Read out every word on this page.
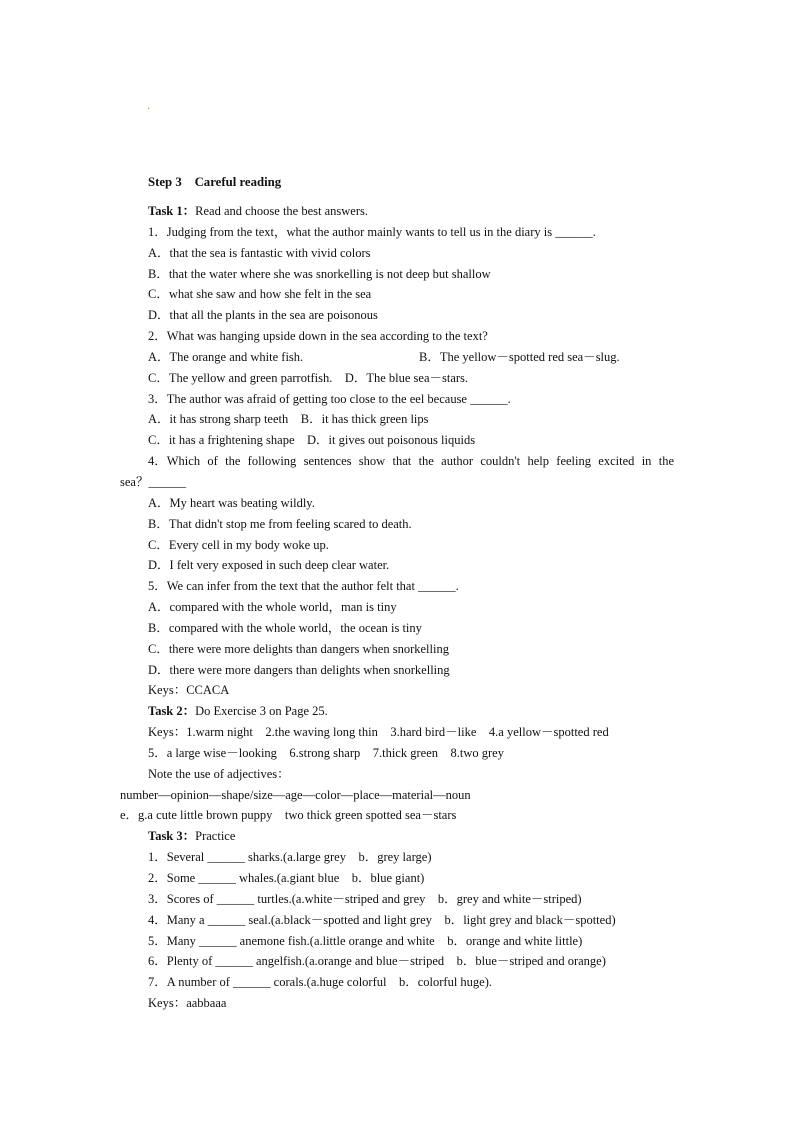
·
Step 3　Careful reading
Task 1：Read and choose the best answers.
1．Judging from the text，what the author mainly wants to tell us in the diary is ______.
A．that the sea is fantastic with vivid colors
B．that the water where she was snorkelling is not deep but shallow
C．what she saw and how she felt in the sea
D．that all the plants in the sea are poisonous
2．What was hanging upside down in the sea according to the text?
A．The orange and white fish.	B．The yellow－spotted red sea－slug.
C．The yellow and green parrotfish.　D．The blue sea－stars.
3．The author was afraid of getting too close to the eel because ______.
A．it has strong sharp teeth　B．it has thick green lips
C．it has a frightening shape　D．it gives out poisonous liquids
4．Which of the following sentences show that the author couldn't help feeling excited in the
sea？______
A．My heart was beating wildly.
B．That didn't stop me from feeling scared to death.
C．Every cell in my body woke up.
D．I felt very exposed in such deep clear water.
5．We can infer from the text that the author felt that ______.
A．compared with the whole world，man is tiny
B．compared with the whole world，the ocean is tiny
C．there were more delights than dangers when snorkelling
D．there were more dangers than delights when snorkelling
Keys：CCACA
Task 2：Do Exercise 3 on Page 25.
Keys：1.warm night　2.the waving long thin　3.hard bird－like　4.a yellow－spotted red
5．a large wise－looking　6.strong sharp　7.thick green　8.two grey
Note the use of adjectives：
number—opinion—shape/size—age—color—place—material—noun
e．g.a cute little brown puppy　two thick green spotted sea－stars
Task 3：Practice
1．Several ______ sharks.(a.large grey　b．grey large)
2．Some ______ whales.(a.giant blue　b．blue giant)
3．Scores of ______ turtles.(a.white－striped and grey　b．grey and white－striped)
4．Many a ______ seal.(a.black－spotted and light grey　b．light grey and black－spotted)
5．Many ______ anemone fish.(a.little orange and white　b．orange and white little)
6．Plenty of ______ angelfish.(a.orange and blue－striped　b．blue－striped and orange)
7．A number of ______ corals.(a.huge colorful　b．colorful huge).
Keys：aabbaaa
